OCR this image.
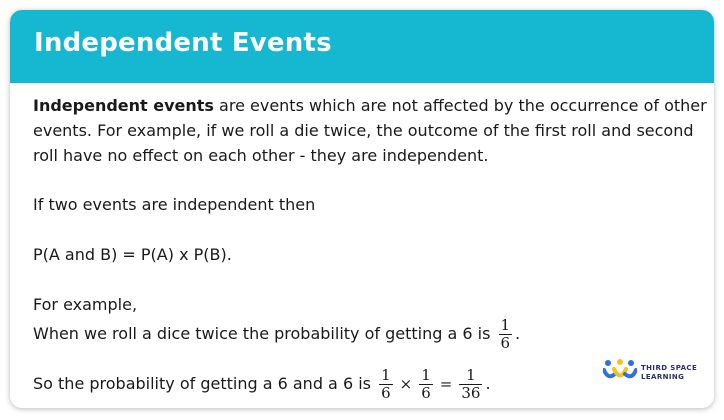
Independent Events
Independent events are events which are not affected by the occurrence of other
events. For example, if we roll a die twice, the outcome of the first roll and second
roll have no effect on each other - they are independent.
If two events are independent then
P(A and B) = P(A) x P(B).
For example,
When we roll a dice twice the probability of getting a 6 is $\frac{1}{6}$ .
So the probability of getting a 6 and a 6 is $\frac{1}{6} \times \frac{1}{6} = \frac{1}{36}$ .
THIRD SPACE
LEARNING
